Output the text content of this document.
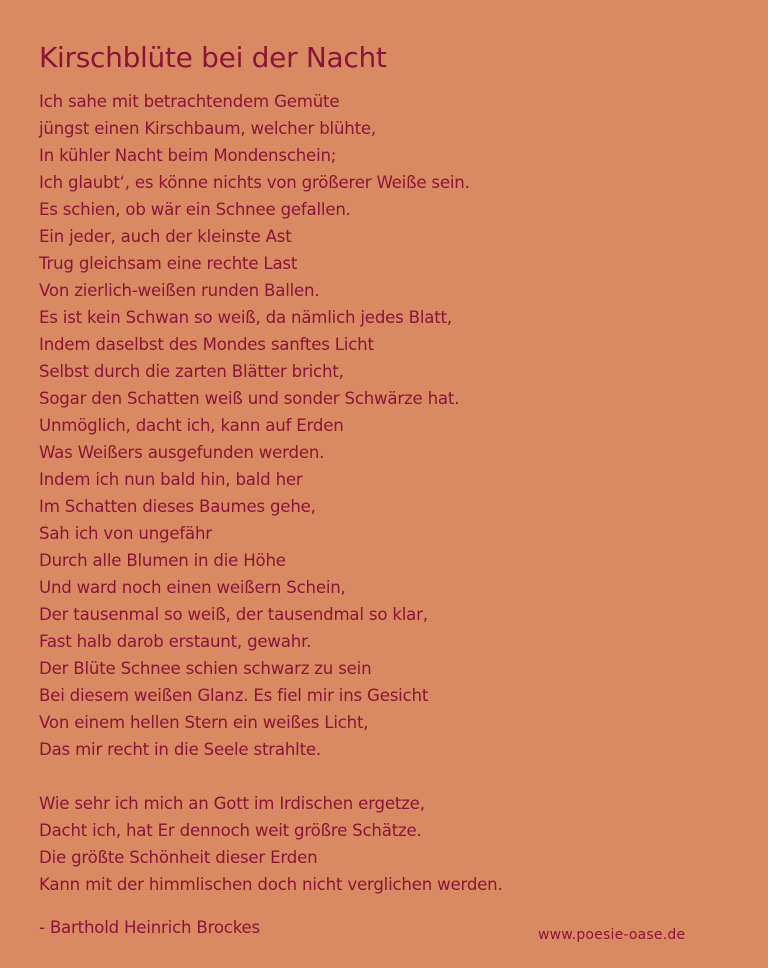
Kirschblüte bei der Nacht
Ich sahe mit betrachtendem Gemüte
jüngst einen Kirschbaum, welcher blühte,
In kühler Nacht beim Mondenschein;
Ich glaubt‘, es könne nichts von größerer Weiße sein.
Es schien, ob wär ein Schnee gefallen.
Ein jeder, auch der kleinste Ast
Trug gleichsam eine rechte Last
Von zierlich-weißen runden Ballen.
Es ist kein Schwan so weiß, da nämlich jedes Blatt,
Indem daselbst des Mondes sanftes Licht
Selbst durch die zarten Blätter bricht,
Sogar den Schatten weiß und sonder Schwärze hat.
Unmöglich, dacht ich, kann auf Erden
Was Weißers ausgefunden werden.
Indem ich nun bald hin, bald her
Im Schatten dieses Baumes gehe,
Sah ich von ungefähr
Durch alle Blumen in die Höhe
Und ward noch einen weißern Schein,
Der tausenmal so weiß, der tausendmal so klar,
Fast halb darob erstaunt, gewahr.
Der Blüte Schnee schien schwarz zu sein
Bei diesem weißen Glanz. Es fiel mir ins Gesicht
Von einem hellen Stern ein weißes Licht,
Das mir recht in die Seele strahlte.
Wie sehr ich mich an Gott im Irdischen ergetze,
Dacht ich, hat Er dennoch weit größre Schätze.
Die größte Schönheit dieser Erden
Kann mit der himmlischen doch nicht verglichen werden.
- Barthold Heinrich Brockes	www.poesie-oase.de
